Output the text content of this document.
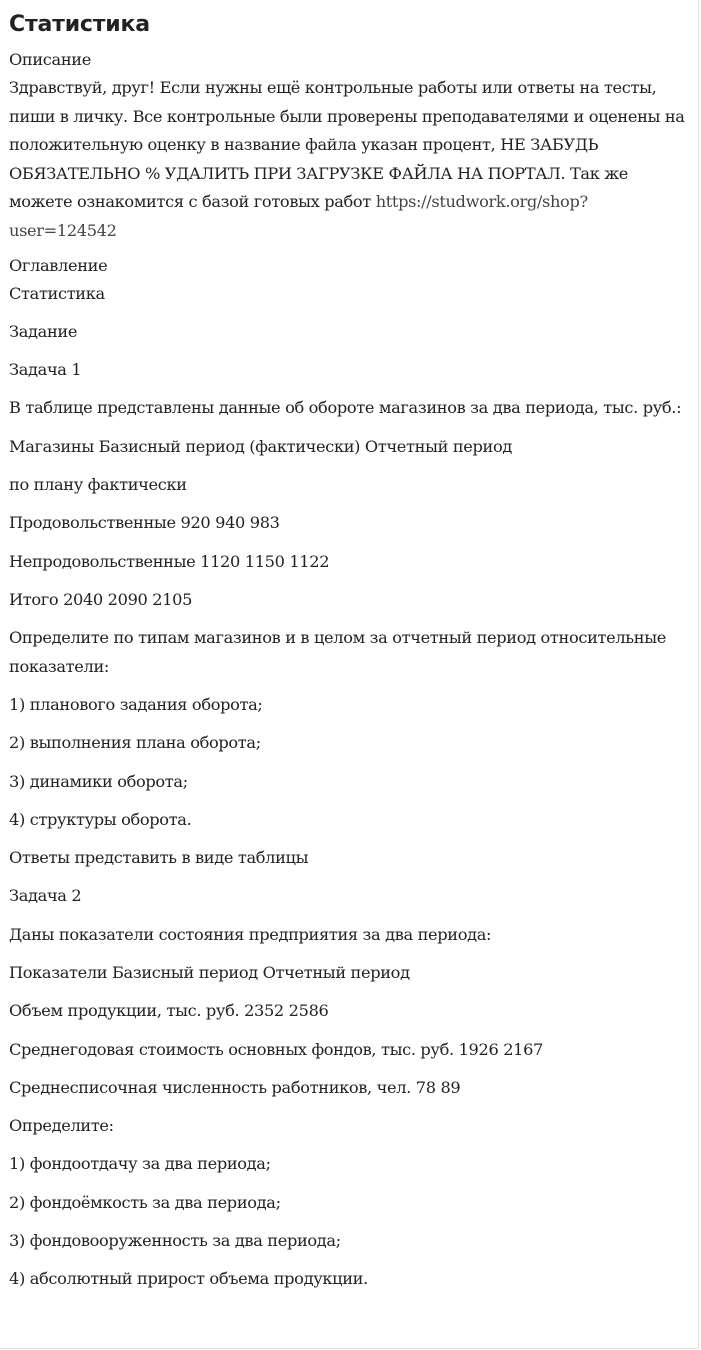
Статистика
Описание
Здравствуй, друг! Если нужны ещё контрольные работы или ответы на тесты, пиши в личку. Все контрольные были проверены преподавателями и оценены на положительную оценку в название файла указан процент, НЕ ЗАБУДЬ ОБЯЗАТЕЛЬНО % УДАЛИТЬ ПРИ ЗАГРУЗКЕ ФАЙЛА НА ПОРТАЛ. Так же можете ознакомится с базой готовых работ https://studwork.org/shop?user=124542
Оглавление
Статистика
Задание
Задача 1
В таблице представлены данные об обороте магазинов за два периода, тыс. руб.:
Магазины Базисный период (фактически) Отчетный период
по плану фактически
Продовольственные 920 940 983
Непродовольственные 1120 1150 1122
Итого 2040 2090 2105
Определите по типам магазинов и в целом за отчетный период относительные показатели:
1) планового задания оборота;
2) выполнения плана оборота;
3) динамики оборота;
4) структуры оборота.
Ответы представить в виде таблицы
Задача 2
Даны показатели состояния предприятия за два периода:
Показатели Базисный период Отчетный период
Объем продукции, тыс. руб. 2352 2586
Среднегодовая стоимость основных фондов, тыс. руб. 1926 2167
Среднесписочная численность работников, чел. 78 89
Определите:
1) фондоотдачу за два периода;
2) фондоёмкость за два периода;
3) фондовооруженность за два периода;
4) абсолютный прирост объема продукции.
